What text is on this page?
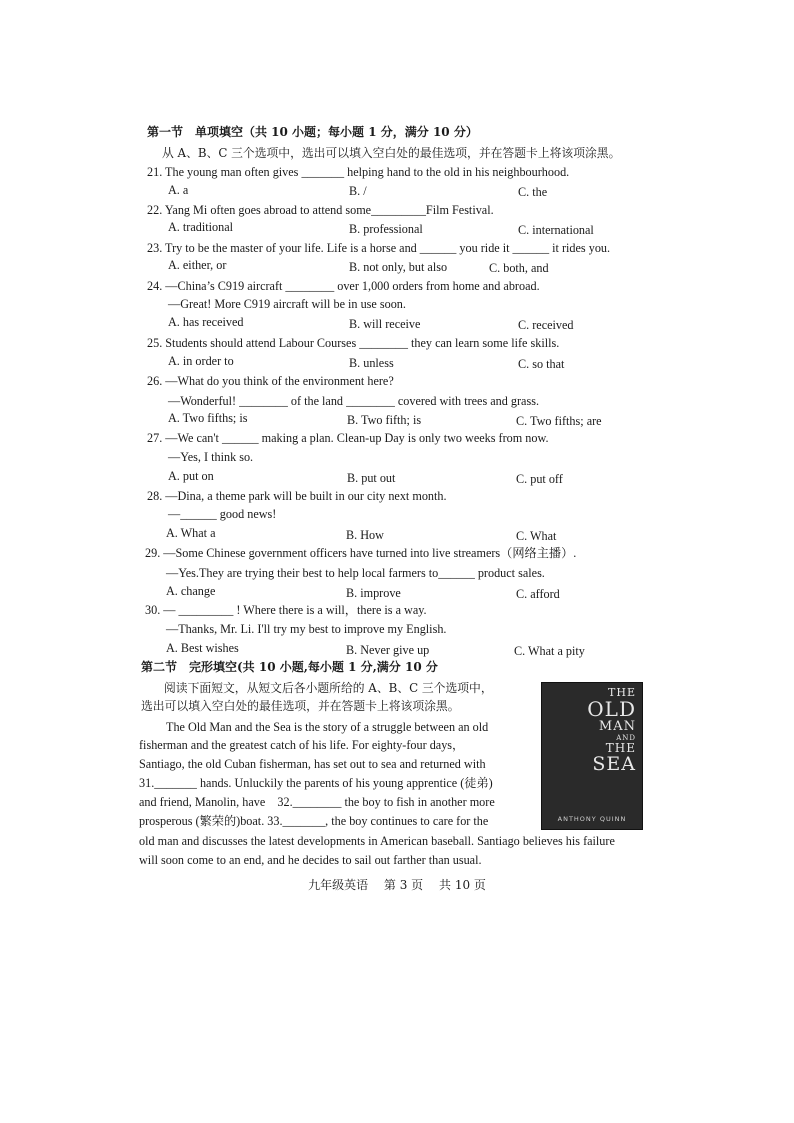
第一节　单项填空（共 10 小题；每小题 1 分，满分 10 分）
从 A、B、C 三个选项中，选出可以填入空白处的最佳选项，并在答题卡上将该项涂黑。
21. The young man often gives _______ helping hand to the old in his neighbourhood.
A. a	B. /	C. the
22. Yang Mi often goes abroad to attend some_________Film Festival.
A. traditional	B. professional	C. international
23. Try to be the master of your life. Life is a horse and ______ you ride it ______ it rides you.
A. either, or	B. not only, but also	C. both, and
24. —China’s C919 aircraft ________ over 1,000 orders from home and abroad.
—Great! More C919 aircraft will be in use soon.
A. has received	B. will receive	C. received
25. Students should attend Labour Courses ________ they can learn some life skills.
A. in order to	B. unless	C. so that
26. —What do you think of the environment here?
—Wonderful! ________ of the land ________ covered with trees and grass.
A. Two fifths; is	B. Two fifth; is	C. Two fifths; are
27. —We can't ______ making a plan. Clean-up Day is only two weeks from now.
—Yes, I think so.
A. put on	B. put out	C. put off
28. —Dina, a theme park will be built in our city next month.
—______ good news!
A. What a	B. How	C. What
29. —Some Chinese government officers have turned into live streamers（网络主播）.
—Yes.They are trying their best to help local farmers to______ product sales.
A. change	B. improve	C. afford
30. — _________ ! Where there is a will，there is a way.
—Thanks, Mr. Li. I'll try my best to improve my English.
A. Best wishes	B. Never give up	C. What a pity
第二节　完形填空(共 10 小题,每小题 1 分,满分 10 分
阅读下面短文，从短文后各小题所给的 A、B、C 三个选项中，
选出可以填入空白处的最佳选项，并在答题卡上将该项涂黑。
The Old Man and the Sea is the story of a struggle between an old
fisherman and the greatest catch of his life. For eighty-four days，
Santiago, the old Cuban fisherman, has set out to sea and returned with
31._______ hands. Unluckily the parents of his young apprentice (徒弟)
and friend, Manolin, have　32.________ the boy to fish in another more
prosperous (繁荣的)boat. 33._______, the boy continues to care for the
old man and discusses the latest developments in American baseball. Santiago believes his failure
will soon come to an end, and he decides to sail out farther than usual.
THE
OLD
MAN
AND
THE
SEA
ANTHONY QUINN
九年级英语 第 3 页 共 10 页
